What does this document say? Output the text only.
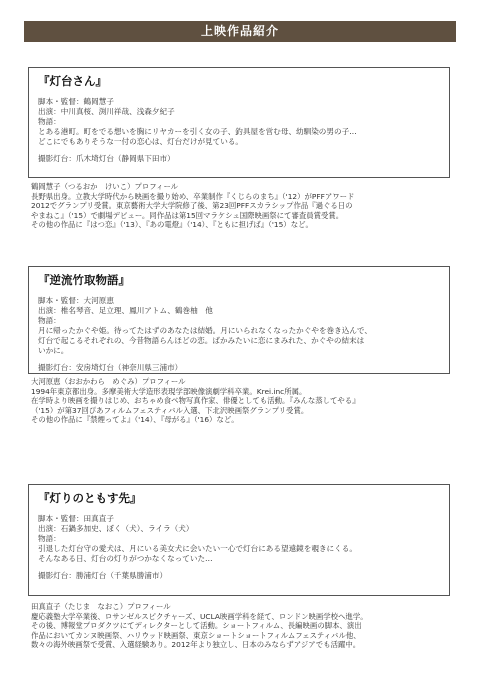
上映作品紹介
『灯台さん』
脚本・監督：鶴岡慧子
出演：中川真桜、渕川祥哉、浅森夕紀子
物語：
とある港町。町をでる想いを胸にリヤカーを引く女の子、釣具屋を営む母、幼馴染の男の子…
どこにでもありそうな一付の恋心は、灯台だけが見ている。
撮影灯台：爪木埼灯台（静岡県下田市）
鶴岡慧子（つるおか　けいこ）プロフィール
長野県出身。立教大学時代から映画を撮り始め、卒業制作『くじらのまち』（'12）がPFFアワード
2012でグランプリ受賞。東京藝術大学大学院修了後、第23回PFFスカラシップ作品『過ぐる日の
やまねこ』（'15）で劇場デビュー。同作品は第15回マラケシュ国際映画祭にて審査員賞受賞。
その他の作品に『はつ恋』（'13）、『あの電燈』（'14）、『ともに担げば』（'15）など。
『逆流竹取物語』
脚本・監督：大河原恵
出演：椎名琴音、足立理、鳳川アトム、鶴巻柚　他
物語：
月に帰ったかぐや姫。待ってたはずのあなたは結婚。月にいられなくなったかぐやを巻き込んで、
灯台で起こるそれぞれの、今昔物語らんほどの恋。ばかみたいに恋にまみれた、かぐやの結末は
いかに。
撮影灯台：安房埼灯台（神奈川県三浦市）
大河原恵（おおかわら　めぐみ）プロフィール
1994年東京都出身。多摩美術大学造形表現学部映像演劇学科卒業。Krei.inc所属。
在学時より映画を撮りはじめ、おちゃめ食べ物写真作家、俳優としても活動。『みんな蒸してやる』
（'15）が第37回ぴあフィルムフェスティバル入選、下北沢映画祭グランプリ受賞。
その他の作品に『禁煙ってよ』（'14）、『母がる』（'16）など。
『灯りのともす先』
脚本・監督：田真直子
出演：石鍋多加史、ぼく（犬）、ライラ（犬）
物語：
引退した灯台守の愛犬は、月にいる美女犬に会いたい一心で灯台にある望遠鏡を覗きにくる。
そんなある日、灯台の灯りがつかなくなっていた…
撮影灯台：勝浦灯台（千葉県勝浦市）
田真直子（たじま　なおこ）プロフィール
慶応義塾大学卒業後、ロサンゼルスピクチャーズ、UCLA映画学科を経て、ロンドン映画学校へ進学。
その後、博報堂プロダクツにてディレクターとして活動。ショートフィルム、長編映画の脚本、演出
作品においてカンヌ映画祭、ハリウッド映画祭、東京ショートショートフィルムフェスティバル他、
数々の海外映画祭で受賞、入選経験あり。2012年より独立し、日本のみならずアジアでも活躍中。
